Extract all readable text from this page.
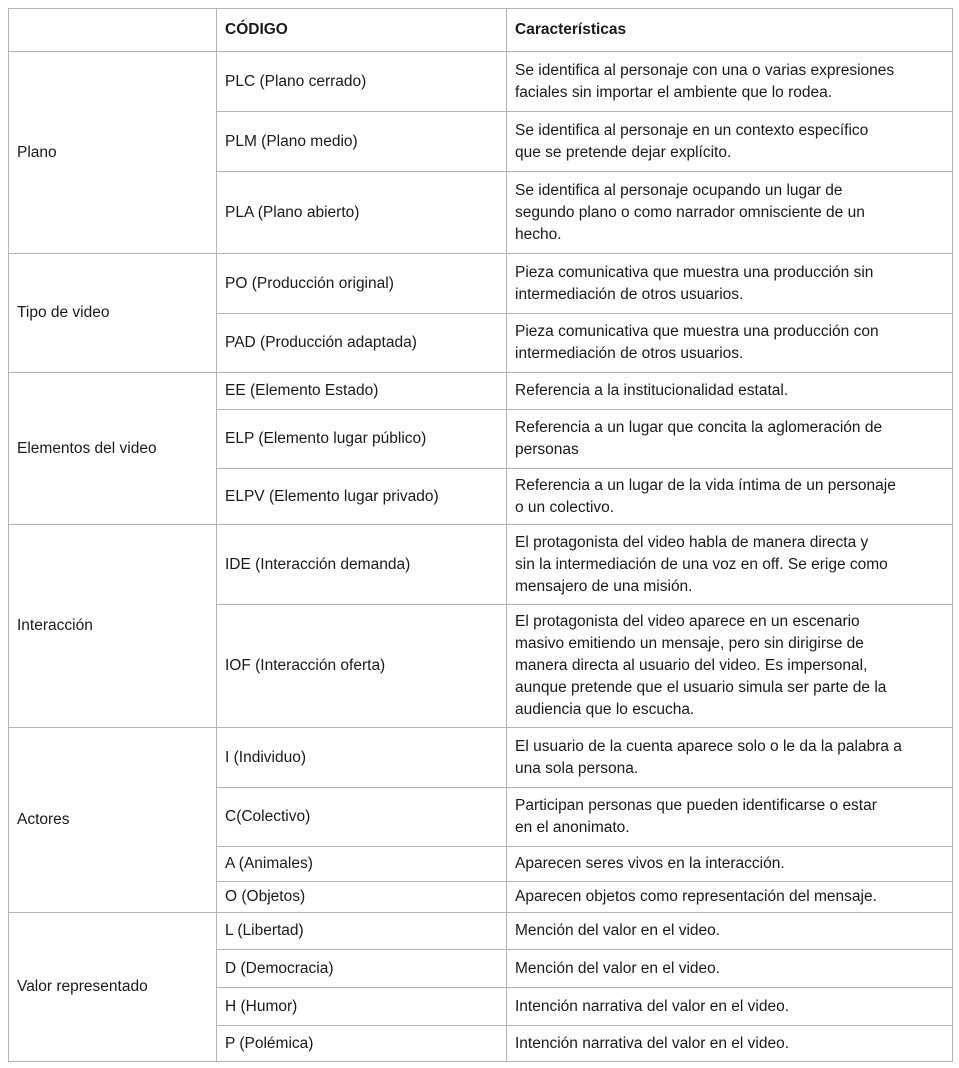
	CÓDIGO	Características
Plano	PLC (Plano cerrado)	Se identifica al personaje con una o varias expresiones
faciales sin importar el ambiente que lo rodea.

	PLM (Plano medio)	Se identifica al personaje en un contexto específico
que se pretende dejar explícito.

	PLA (Plano abierto)	Se identifica al personaje ocupando un lugar de
segundo plano o como narrador omnisciente de un
hecho.

Tipo de video	PO (Producción original)	Pieza comunicativa que muestra una producción sin
intermediación de otros usuarios.

	PAD (Producción adaptada)	Pieza comunicativa que muestra una producción con
intermediación de otros usuarios.

Elementos del video	EE (Elemento Estado)	Referencia a la institucionalidad estatal.

	ELP (Elemento lugar público)	Referencia a un lugar que concita la aglomeración de
personas

	ELPV (Elemento lugar privado)	Referencia a un lugar de la vida íntima de un personaje
o un colectivo.

Interacción	IDE (Interacción demanda)	El protagonista del video habla de manera directa y
sin la intermediación de una voz en off. Se erige como
mensajero de una misión.

	IOF (Interacción oferta)	El protagonista del video aparece en un escenario
masivo emitiendo un mensaje, pero sin dirigirse de
manera directa al usuario del video. Es impersonal,
aunque pretende que el usuario simula ser parte de la
audiencia que lo escucha.

Actores	I (Individuo)	El usuario de la cuenta aparece solo o le da la palabra a
una sola persona.

	C(Colectivo)	Participan personas que pueden identificarse o estar
en el anonimato.

	A (Animales)	Aparecen seres vivos en la interacción.

	O (Objetos)	Aparecen objetos como representación del mensaje.

Valor representado	L (Libertad)	Mención del valor en el video.

	D (Democracia)	Mención del valor en el video.

	H (Humor)	Intención narrativa del valor en el video.

	P (Polémica)	Intención narrativa del valor en el video.
